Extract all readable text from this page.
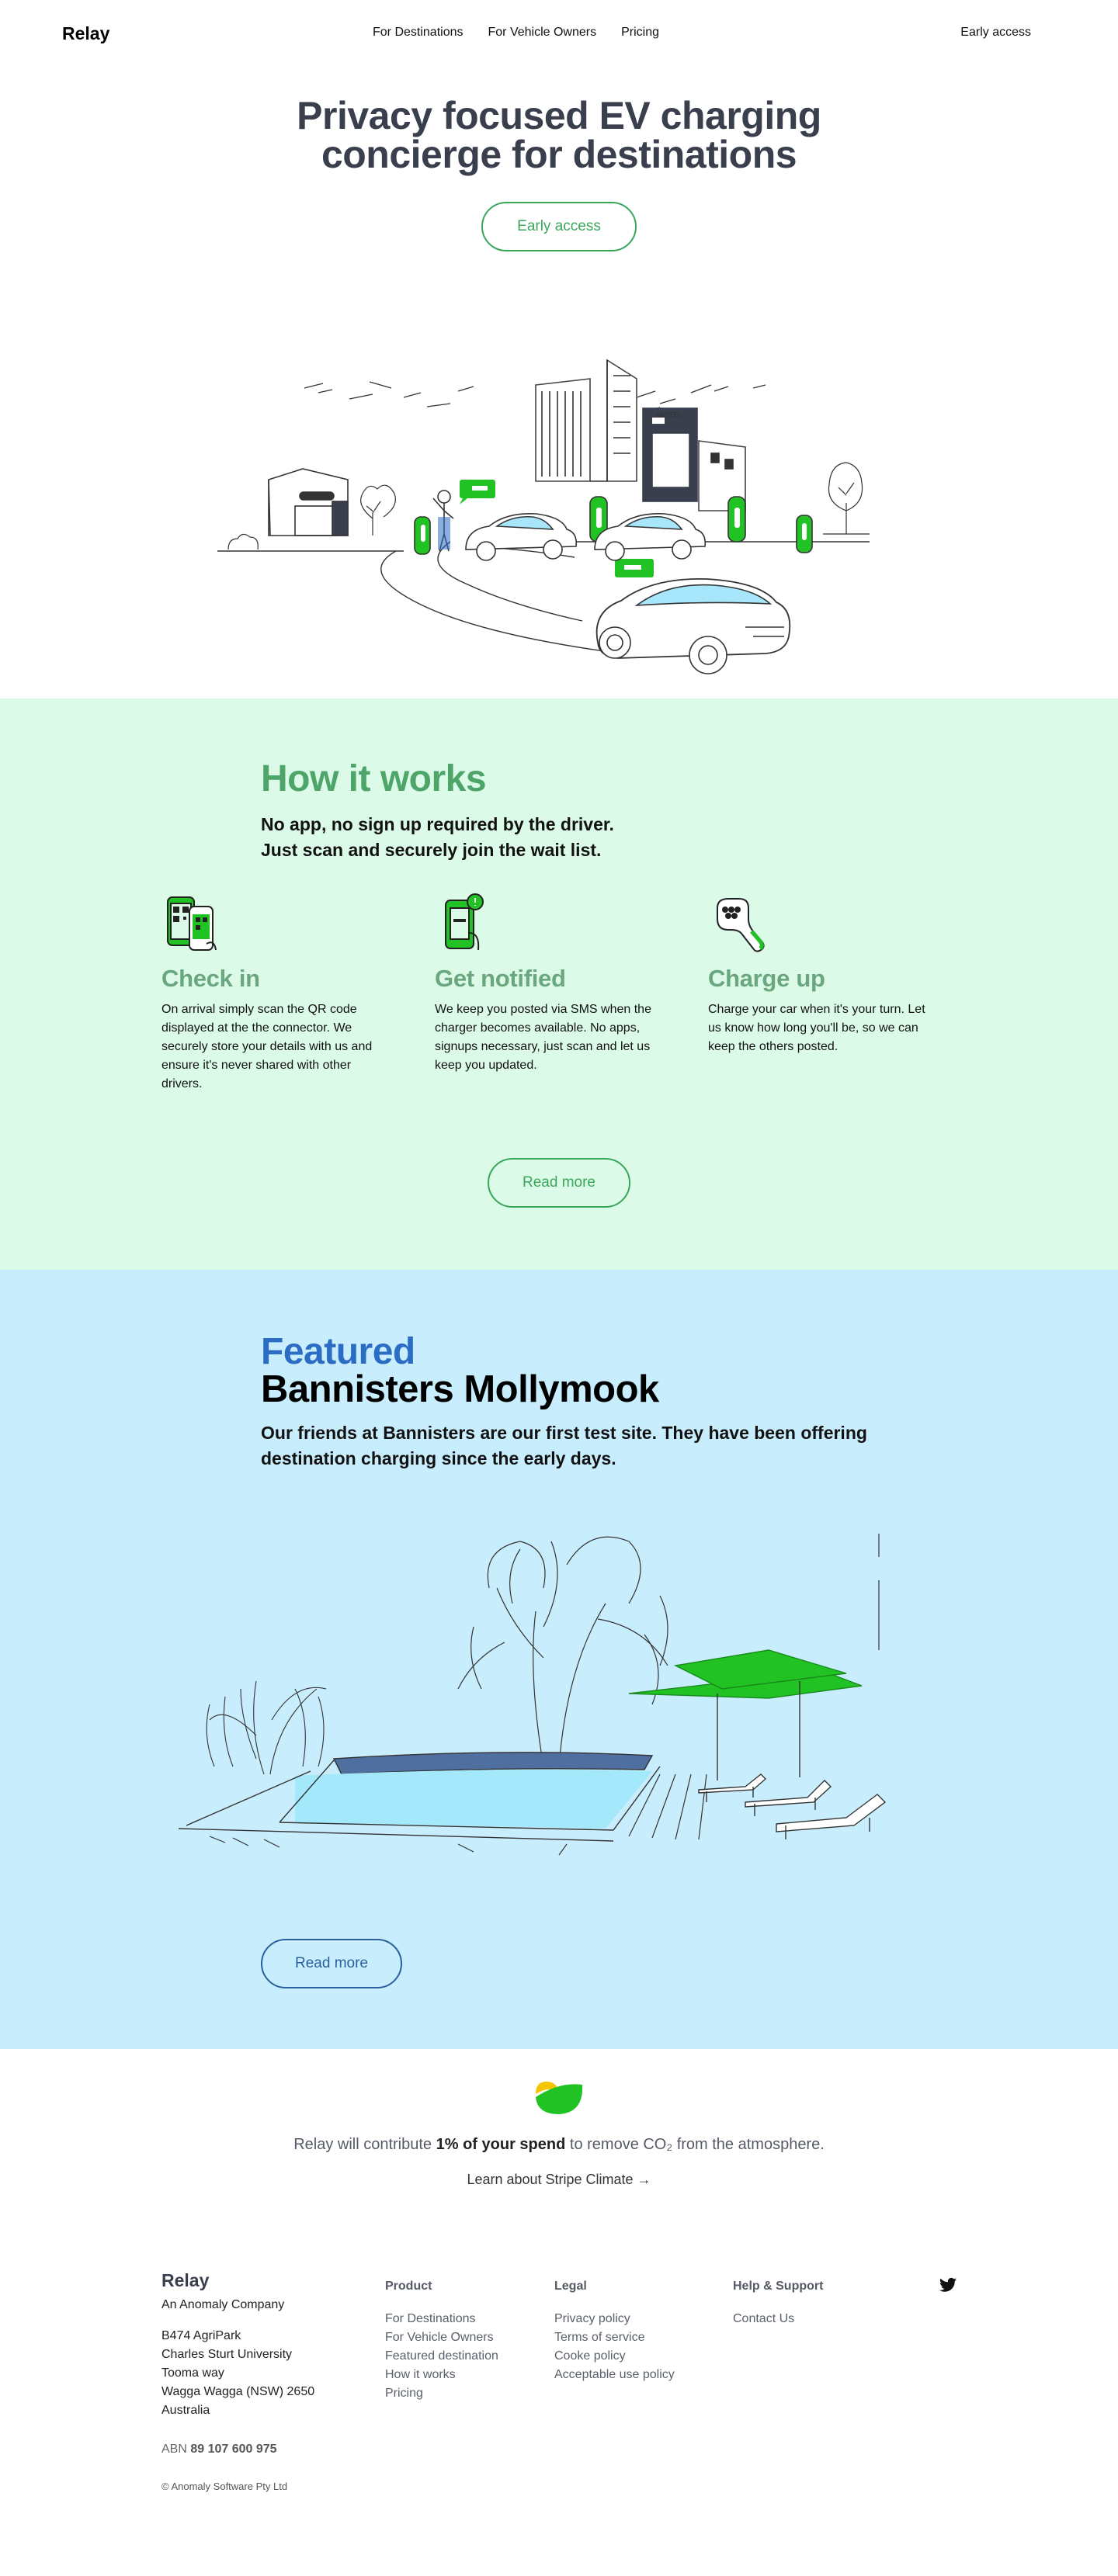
Relay	For Destinations For Vehicle Owners Pricing	Early access
Privacy focused EV charging
concierge for destinations
Early access
MOTEL
How it works

No app, no sign up required by the driver.
Just scan and securely join the wait list.

Check in

On arrival simply scan the QR code displayed at the the connector. We securely store your details with us and ensure it's never shared with other drivers.

Get notified

We keep you posted via SMS when the charger becomes available. No apps, signups necessary, just scan and let us keep you updated.

Charge up

Charge your car when it's your turn. Let us know how long you'll be, so we can keep the others posted.

Read more
Featured
Bannisters Mollymook

Our friends at Bannisters are our first test site. They have been offering destination charging since the early days.

Read more

Relay will contribute 1% of your spend to remove CO₂ from the atmosphere.

Learn about Stripe Climate →
Relay
An Anomaly Company
B474 AgriPark
Charles Sturt University
Tooma way
Wagga Wagga (NSW) 2650
Australia
ABN 89 107 600 975
© Anomaly Software Pty Ltd
Product
For Destinations
For Vehicle Owners
Featured destination
How it works
Pricing
Legal
Privacy policy
Terms of service
Cooke policy
Acceptable use policy
Help & Support
Contact Us
